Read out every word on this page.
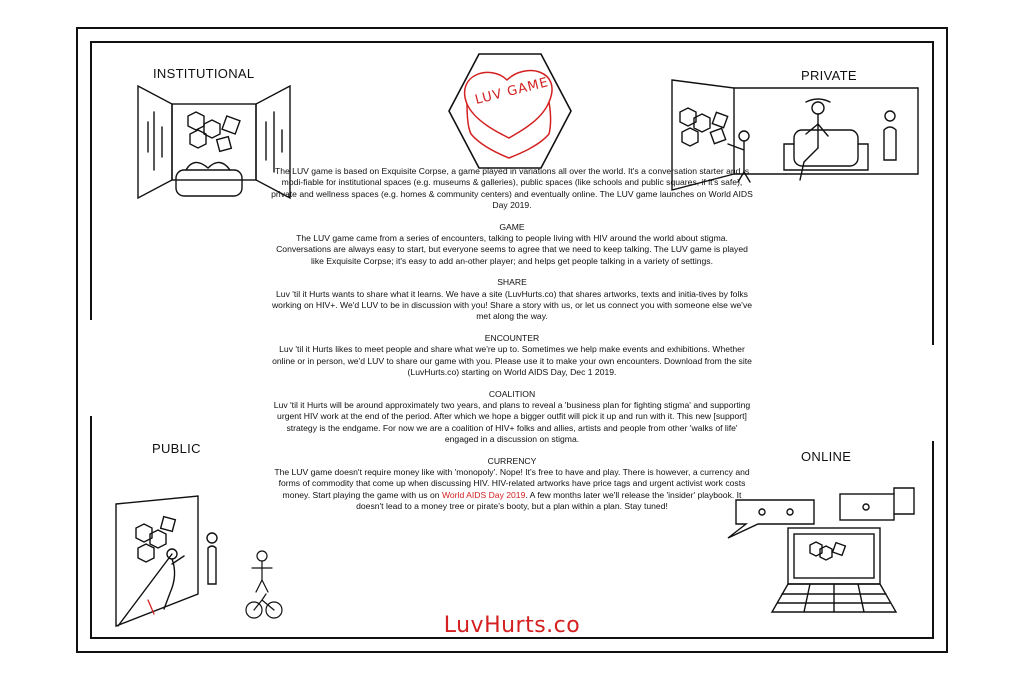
INSTITUTIONAL	PRIVATE
PUBLIC
ONLINE
LUV GAME
The LUV game is based on Exquisite Corpse, a game played in variations all over the world. It's a conversation starter and is modi-fiable for institutional spaces (e.g. museums & galleries), public spaces (like schools and public squares, if it's safe), private and wellness spaces (e.g. homes & community centers) and eventually online. The LUV game launches on World AIDS Day 2019.
GAME
The LUV game came from a series of encounters, talking to people living with HIV around the world about stigma. Conversations are always easy to start, but everyone seems to agree that we need to keep talking. The LUV game is played like Exquisite Corpse; it's easy to add an-other player; and helps get people talking in a variety of settings.
SHARE
Luv 'til it Hurts wants to share what it learns. We have a site (LuvHurts.co) that shares artworks, texts and initia-tives by folks working on HIV+. We'd LUV to be in discussion with you! Share a story with us, or let us connect you with someone else we've met along the way.
ENCOUNTER
Luv 'til it Hurts likes to meet people and share what we're up to. Sometimes we help make events and exhibitions. Whether online or in person, we'd LUV to share our game with you. Please use it to make your own encounters. Download from the site (LuvHurts.co) starting on World AIDS Day, Dec 1 2019.
COALITION
Luv 'til it Hurts will be around approximately two years, and plans to reveal a 'business plan for fighting stigma' and supporting urgent HIV work at the end of the period. After which we hope a bigger outfit will pick it up and run with it. This new [support] strategy is the endgame. For now we are a coalition of HIV+ folks and allies, artists and people from other 'walks of life' engaged in a discussion on stigma.
CURRENCY
The LUV game doesn't require money like with 'monopoly'. Nope! It's free to have and play. There is however, a currency and forms of commodity that come up when discussing HIV. HIV-related artworks have price tags and urgent activist work costs money. Start playing the game with us on World AIDS Day 2019. A few months later we'll release the 'insider' playbook. It doesn't lead to a money tree or pirate's booty, but a plan within a plan. Stay tuned!
LuvHurts.co
